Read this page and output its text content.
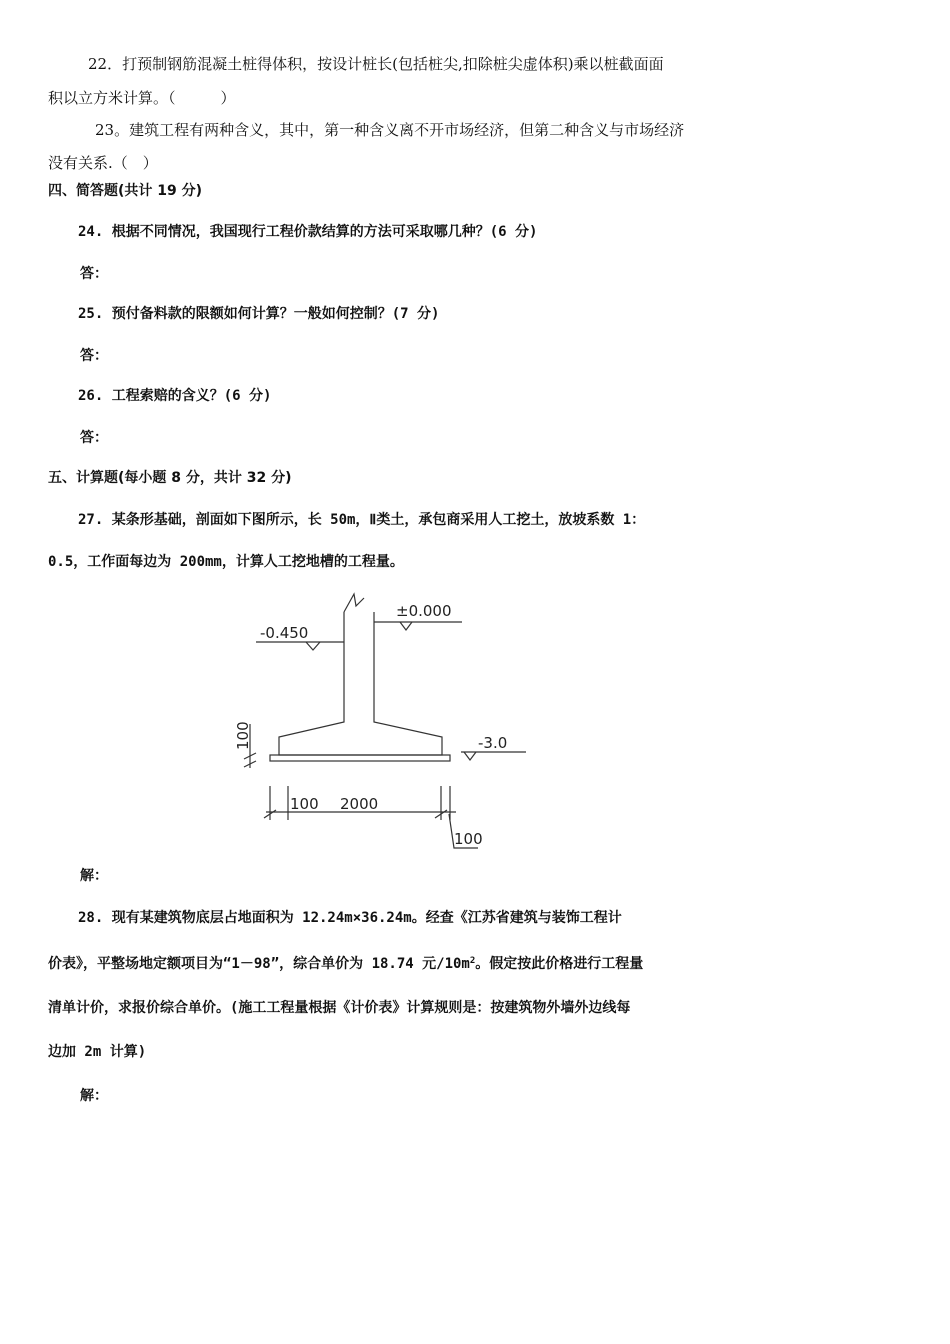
22．打预制钢筋混凝土桩得体积，按设计桩长(包括桩尖,扣除桩尖虚体积)乘以桩截面面
积以立方米计算。（　　　）
23。建筑工程有两种含义，其中，第一种含义离不开市场经济，但第二种含义与市场经济
没有关系.（　）
四、简答题(共计 19 分)
24. 根据不同情况，我国现行工程价款结算的方法可采取哪几种？(6 分)
答：
25. 预付备料款的限额如何计算？一般如何控制？(7 分)
答：
26. 工程索赔的含义？(6 分)
答：
五、计算题(每小题 8 分，共计 32 分)
27. 某条形基础，剖面如下图所示，长 50m，Ⅱ类土，承包商采用人工挖土，放坡系数 1：
0.5，工作面每边为 200mm，计算人工挖地槽的工程量。
±0.000
-0.450
-3.0
100
100 2000
100
解：
28. 现有某建筑物底层占地面积为 12.24m×36.24m。经查《江苏省建筑与装饰工程计
价表》，平整场地定额项目为“1－98”，综合单价为 18.74 元$/10m^2$。假定按此价格进行工程量
清单计价，求报价综合单价。(施工工程量根据《计价表》计算规则是：按建筑物外墙外边线每
边加 2m 计算)
解：
